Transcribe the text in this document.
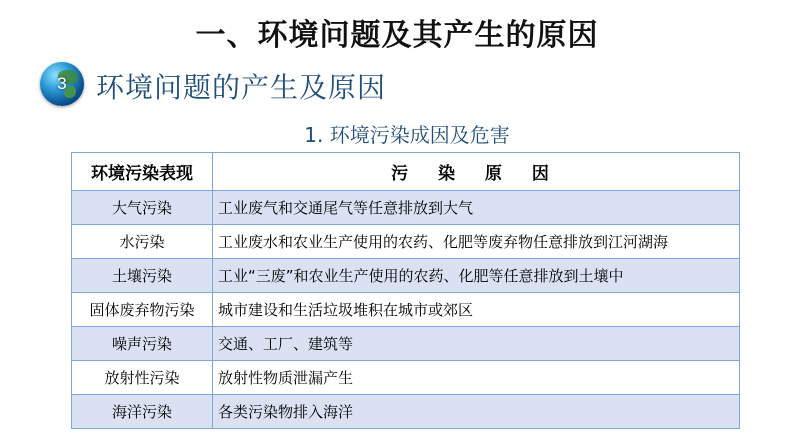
一、环境问题及其产生的原因
3	环境问题的产生及原因
1. 环境污染成因及危害
环境污染表现	污 染 原 因
大气污染	工业废气和交通尾气等任意排放到大气
水污染	工业废水和农业生产使用的农药、化肥等废弃物任意排放到江河湖海
土壤污染	工业“三废”和农业生产使用的农药、化肥等任意排放到土壤中
固体废弃物污染	城市建设和生活垃圾堆积在城市或郊区
噪声污染	交通、工厂、建筑等
放射性污染	放射性物质泄漏产生
海洋污染	各类污染物排入海洋
